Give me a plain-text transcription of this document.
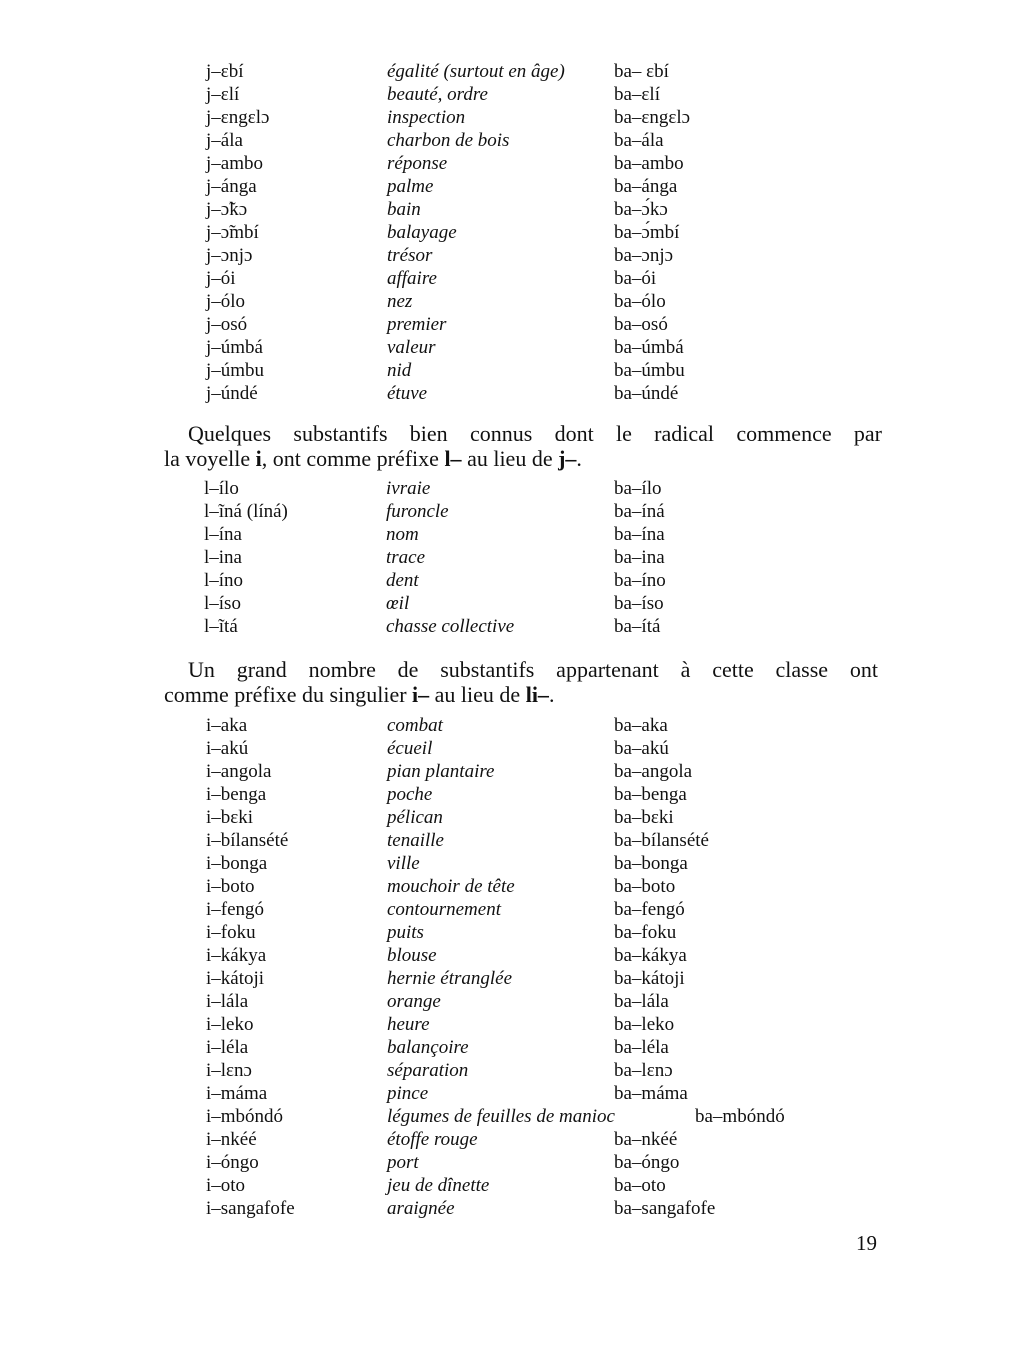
j–εbí	égalité (surtout en âge)	ba– εbí
j–εlí	beauté, ordre	ba–εlí
j–εngεlɔ	inspection	ba–εngεlɔ
j–ála	charbon de bois	ba–ála
j–ambo	réponse	ba–ambo
j–ánga	palme	ba–ánga
j–ɔ̃kɔ	bain	ba–ɔ́kɔ
j–ɔ̃mbí	balayage	ba–ɔ́mbí
j–ɔnjɔ	trésor	ba–ɔnjɔ
j–ói	affaire	ba–ói
j–ólo	nez	ba–ólo
j–osó	premier	ba–osó
j–úmbá	valeur	ba–úmbá
j–úmbu	nid	ba–úmbu
j–úndé	étuve	ba–úndé
Quelques substantifs bien connus dont le radical commence par
la voyelle i, ont comme préfixe l– au lieu de j–.
l–ílo	ivraie	ba–ílo
l–ĩná (líná)	furoncle	ba–íná
l–ína	nom	ba–ína
l–ina	trace	ba–ina
l–íno	dent	ba–íno
l–íso	œil	ba–íso
l–ĩtá	chasse collective	ba–ítá
Un grand nombre de substantifs appartenant à cette classe ont
comme préfixe du singulier i– au lieu de li–.
i–aka	combat	ba–aka
i–akú	écueil	ba–akú
i–angola	pian plantaire	ba–angola
i–benga	poche	ba–benga
i–bεki	pélican	ba–bεki
i–bílansété	tenaille	ba–bílansété
i–bonga	ville	ba–bonga
i–boto	mouchoir de tête	ba–boto
i–fengó	contournement	ba–fengó
i–foku	puits	ba–foku
i–kákya	blouse	ba–kákya
i–kátoji	hernie étranglée	ba–kátoji
i–lála	orange	ba–lála
i–leko	heure	ba–leko
i–léla	balançoire	ba–léla
i–lεnɔ	séparation	ba–lεnɔ
i–máma	pince	ba–máma
i–mbóndó	légumes de feuilles de manioc	ba–mbóndó
i–nkéé	étoffe rouge	ba–nkéé
i–óngo	port	ba–óngo
i–oto	jeu de dînette	ba–oto
i–sangafofe	araignée	ba–sangafofe
19
